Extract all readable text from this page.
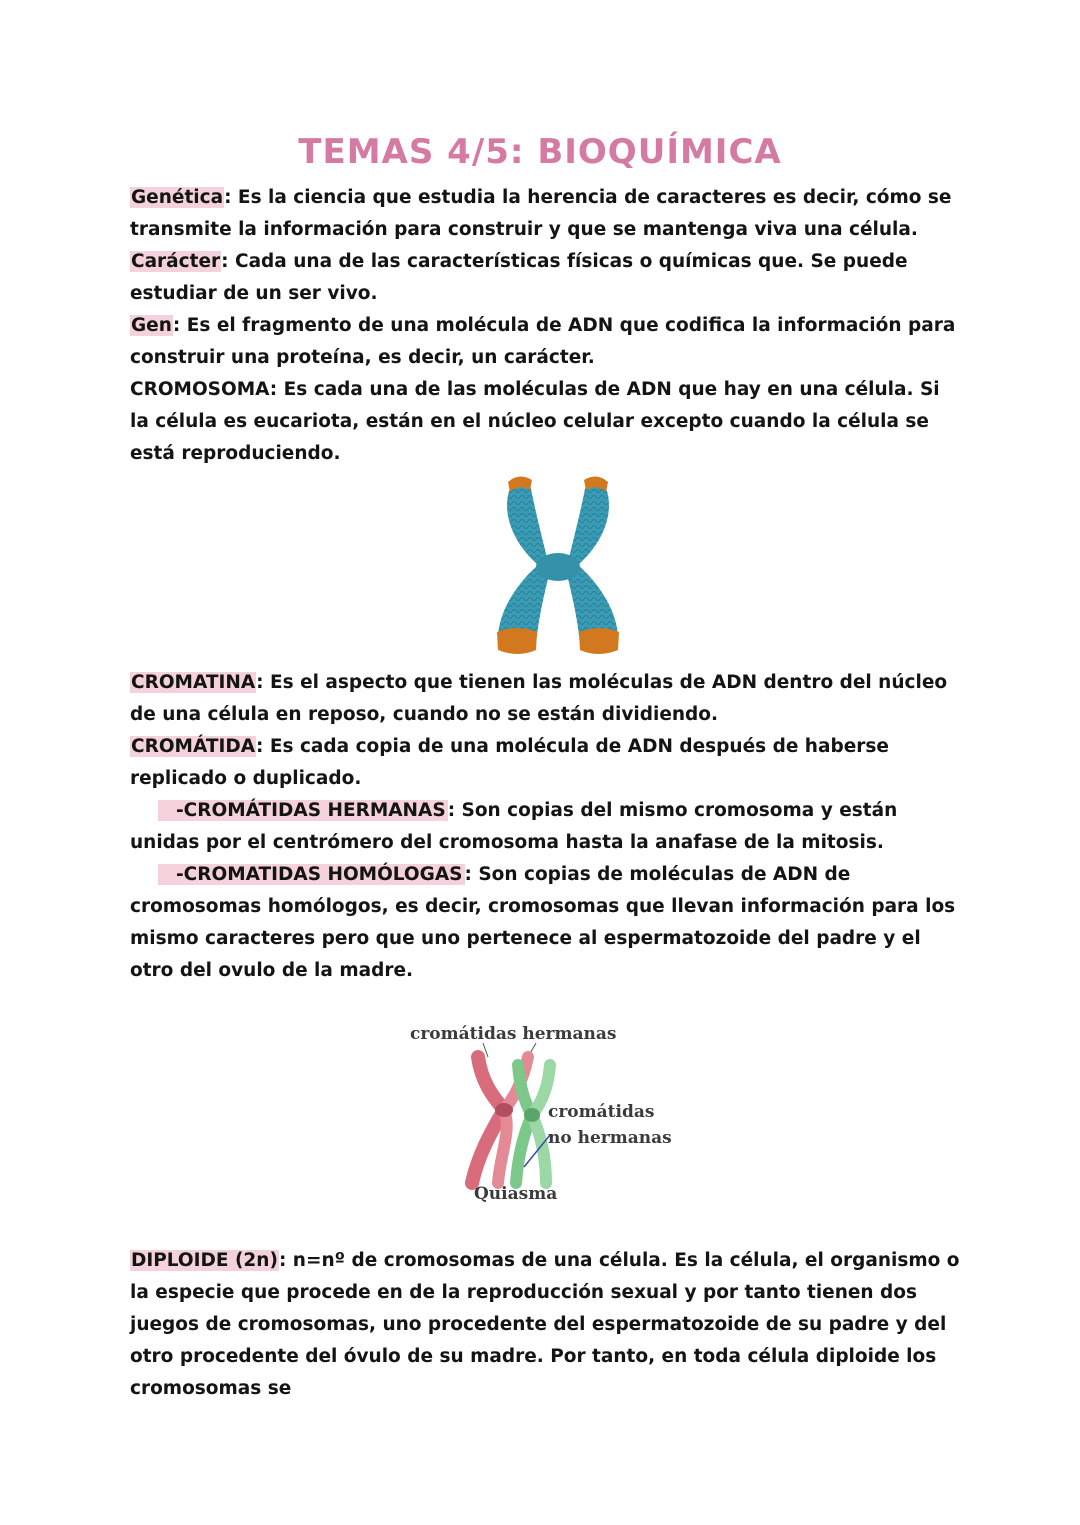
TEMAS 4/5: BIOQUÍMICA

Genética: Es la ciencia que estudia la herencia de caracteres es decir, cómo se transmite la información para construir y que se mantenga viva una célula.
Carácter: Cada una de las características físicas o químicas que. Se puede estudiar de un ser vivo.
Gen: Es el fragmento de una molécula de ADN que codifica la información para construir una proteína, es decir, un carácter.
CROMOSOMA: Es cada una de las moléculas de ADN que hay en una célula. Si la célula es eucariota, están en el núcleo celular excepto cuando la célula se está reproduciendo.

CROMATINA: Es el aspecto que tienen las moléculas de ADN dentro del núcleo de una célula en reposo, cuando no se están dividiendo.
CROMÁTIDA: Es cada copia de una molécula de ADN después de haberse replicado o duplicado.
-CROMÁTIDAS HERMANAS : Son copias del mismo cromosoma y están unidas por el centrómero del cromosoma hasta la anafase de la mitosis.
-CROMATIDAS HOMÓLOGAS : Son copias de moléculas de ADN de cromosomas homólogos, es decir, cromosomas que llevan información para los mismo caracteres pero que uno pertenece al espermatozoide del padre y el otro del ovulo de la madre.

cromátidas hermanas
cromátidas
no hermanas
Quiasma

DIPLOIDE (2n): n=nº de cromosomas de una célula. Es la célula, el organismo o la especie que procede en de la reproducción sexual y por tanto tienen dos juegos de cromosomas, uno procedente del espermatozoide de su padre y del otro procedente del óvulo de su madre. Por tanto, en toda célula diploide los cromosomas se
